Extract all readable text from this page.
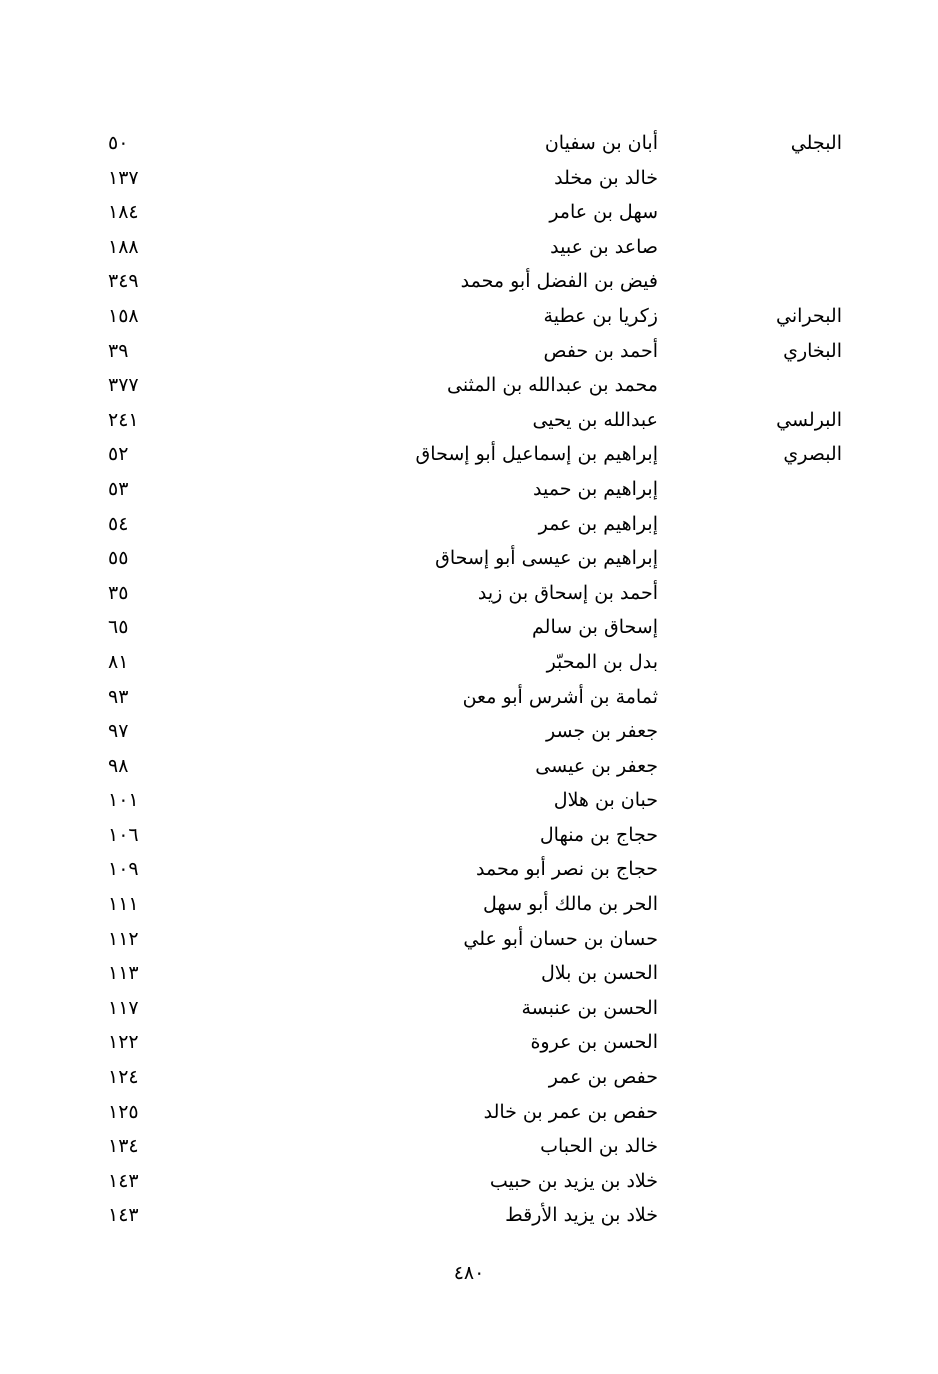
البجلي
أبان بن سفيان
٥٠
خالد بن مخلد
١٣٧
سهل بن عامر
١٨٤
صاعد بن عبيد
١٨٨
فيض بن الفضل أبو محمد
٣٤٩
البحراني
زكريا بن عطية
١٥٨
البخاري
أحمد بن حفص
٣٩
محمد بن عبدالله بن المثنى
٣٧٧
البرلسي
عبدالله بن يحيى
٢٤١
البصري
إبراهيم بن إسماعيل أبو إسحاق
٥٢
إبراهيم بن حميد
٥٣
إبراهيم بن عمر
٥٤
إبراهيم بن عيسى أبو إسحاق
٥٥
أحمد بن إسحاق بن زيد
٣٥
إسحاق بن سالم
٦٥
بدل بن المحبّر
٨١
ثمامة بن أشرس أبو معن
٩٣
جعفر بن جسر
٩٧
جعفر بن عيسى
٩٨
حبان بن هلال
١٠١
حجاج بن منهال
١٠٦
حجاج بن نصر أبو محمد
١٠٩
الحر بن مالك أبو سهل
١١١
حسان بن حسان أبو علي
١١٢
الحسن بن بلال
١١٣
الحسن بن عنبسة
١١٧
الحسن بن عروة
١٢٢
حفص بن عمر
١٢٤
حفص بن عمر بن خالد
١٢٥
خالد بن الحباب
١٣٤
خلاد بن يزيد بن حبيب
١٤٣
خلاد بن يزيد الأرقط
١٤٣
٤٨٠
